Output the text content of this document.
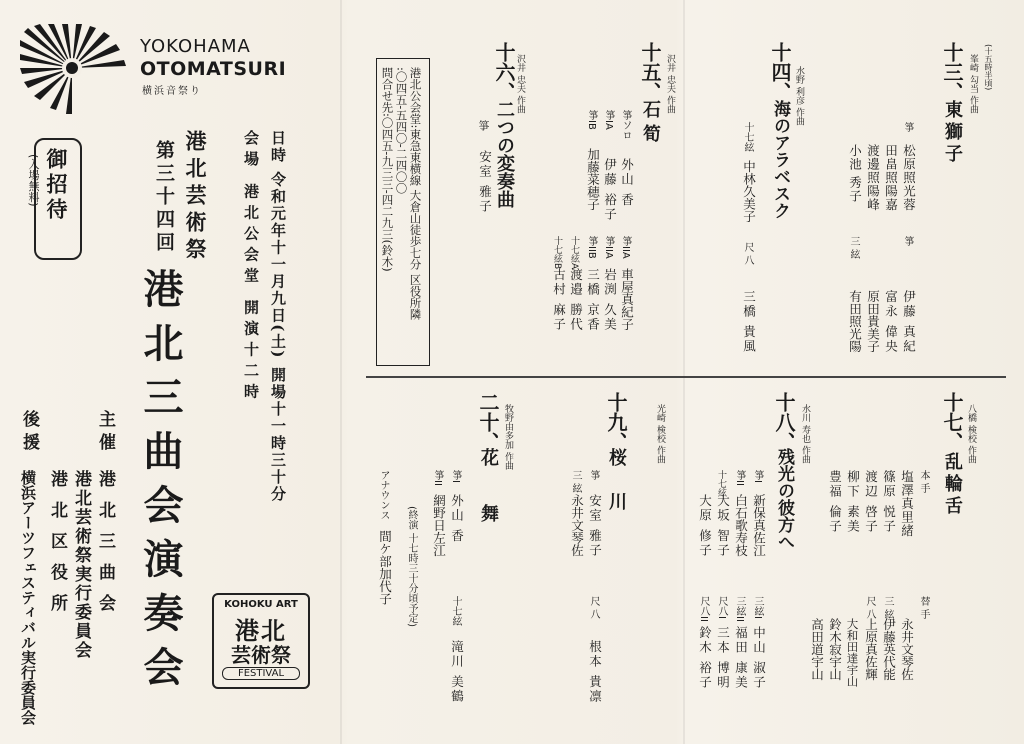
YOKOHAMA
OTOMATSURI
横浜音祭り
御招待
(入場無料)	港北芸術祭
第三十四回
港北三曲会演奏会	日時 令和元年十一月九日(土) 開場十一時三十分
会場 港北公会堂 開演十二時
主催
港北三曲会
港北芸術祭実行委員会
後援
港北区役所
横浜アーツフェスティバル実行委員会	KOHOKU ART
港北
芸術祭
FESTIVAL
港北公会堂:東急東横線 大倉山徒歩七分 区役所隣
:〇四五‐五四〇‐二四〇〇
問合せ先:〇四五‐九三三‐四二九三(鈴木)	沢井 忠夫 作曲
十六、
二つの変奏曲
箏
安室 雅子
沢井 忠夫 作曲
十五、
石 筍
箏ソロ
外山 香
箏IA
伊藤 裕子
箏IB
加藤菜穂子
箏IIA
車屋真紀子
箏IIA
岩渕 久美
箏IIB
三橋 京香
十七絃A
渡邉 勝代
十七絃B
古村 麻子
牧野由多加 作曲
二十、
花 舞
箏I
外山 香
箏II
網野日左江
十七絃
滝川 美鶴
(終演 十七時三十分頃予定)
アナウンス
間ケ部加代子
光崎 検校 作曲
十九、
桜 川
箏
安室 雅子
三 絃
永井文琴佐
尺 八
根本 貴凛
(十五時半頃)
峯崎 勾当 作曲
十三、
東獅子
箏
松原照光蓉
田畠照陽嘉
渡邊照陽峰
小池 秀子
箏
伊藤 真紀
富永 偉央
原田貴美子
三 絃
有田照光陽
水野 利彦 作曲
十四、
海のアラベスク
十七絃
中林久美子
尺 八
三橋 貴風
八橋 検校 作曲
十七、
乱輪舌
本 手
塩澤真里緒
篠原 悦子
渡辺 啓子
柳下 素美
豊福 倫子
替 手
永井文琴佐
伊藤英代能
上原真佐輝
大和田達宇山
鈴木寂宇山
高田道宇山
三 絃
尺 八
水川 寿也 作曲
十八、
残光の彼方へ
箏I
新保真佐江
箏II
白石歌寿枝
十七絃
大坂 智子
大原 修子
三絃I
中山 淑子
三絃II
福田 康美
尺八I
三本 博明
尺八II
鈴木 裕子
